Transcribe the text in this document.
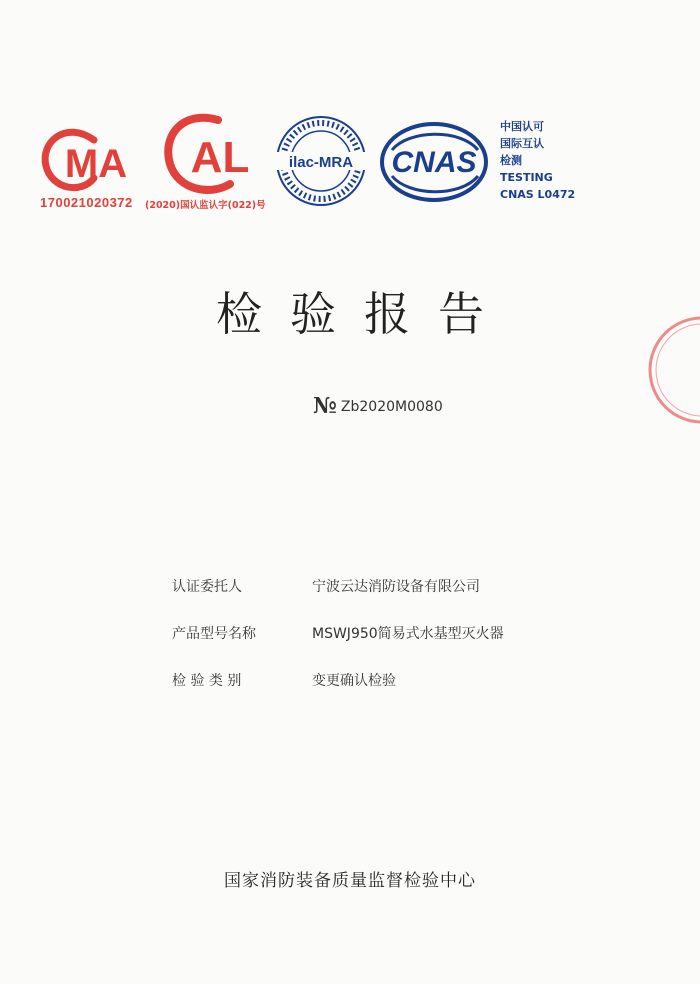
MA
170021020372
AL
(2020)国认监认字(022)号
ilac-MRA CNAS
中国认可
国际互认
检测
TESTING
CNAS L0472
检验报告
№ Zb2020M0080
认证委托人	宁波云达消防设备有限公司
产品型号名称	MSWJ950简易式水基型灭火器
检 验 类 别	变更确认检验
国家消防装备质量监督检验中心
